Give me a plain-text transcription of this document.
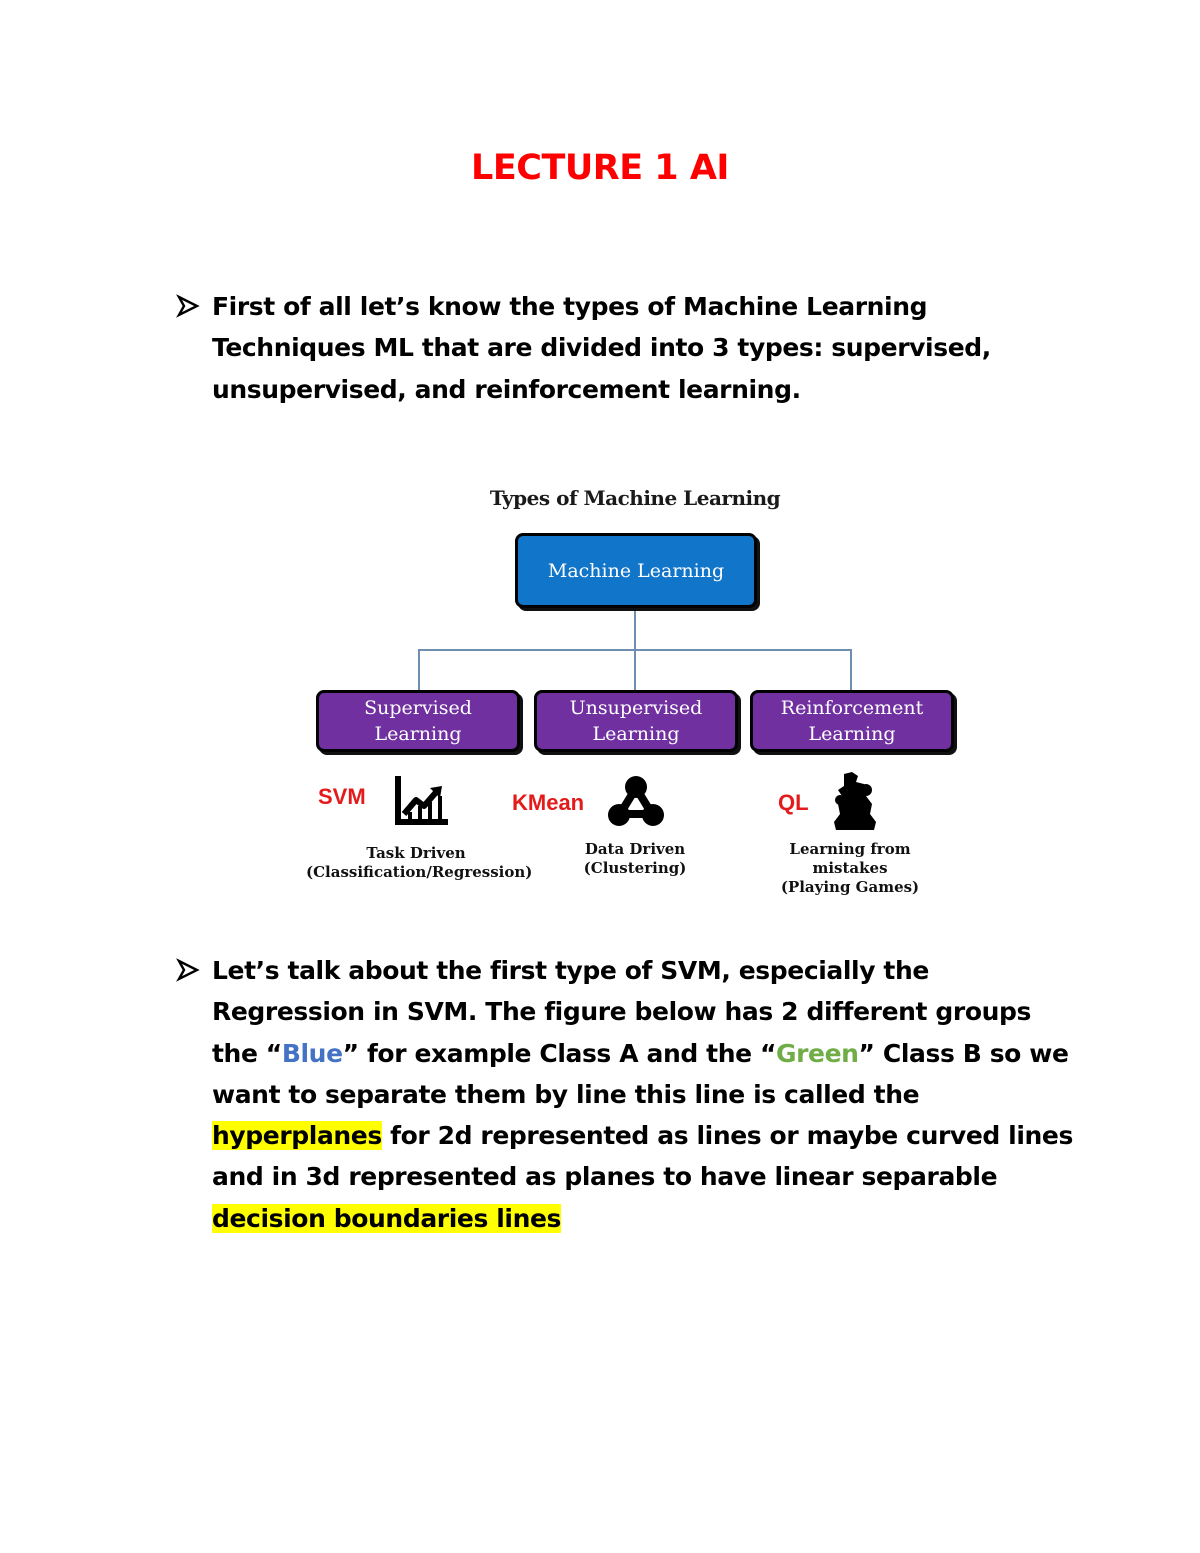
LECTURE 1 AI
First of all let’s know the types of Machine Learning Techniques ML that are divided into 3 types: supervised, unsupervised, and reinforcement learning.
Types of Machine Learning
Machine Learning
Supervised
Learning
Unsupervised
Learning
Reinforcement
Learning
SVM	KMean	QL
Task Driven
(Classification/Regression)
Data Driven
(Clustering)
Learning from
mistakes
(Playing Games)
Let’s talk about the first type of SVM, especially the Regression in SVM. The figure below has 2 different groups the “Blue” for example Class A and the “Green” Class B so we want to separate them by line this line is called the hyperplanes for 2d represented as lines or maybe curved lines and in 3d represented as planes to have linear separable decision boundaries lines
